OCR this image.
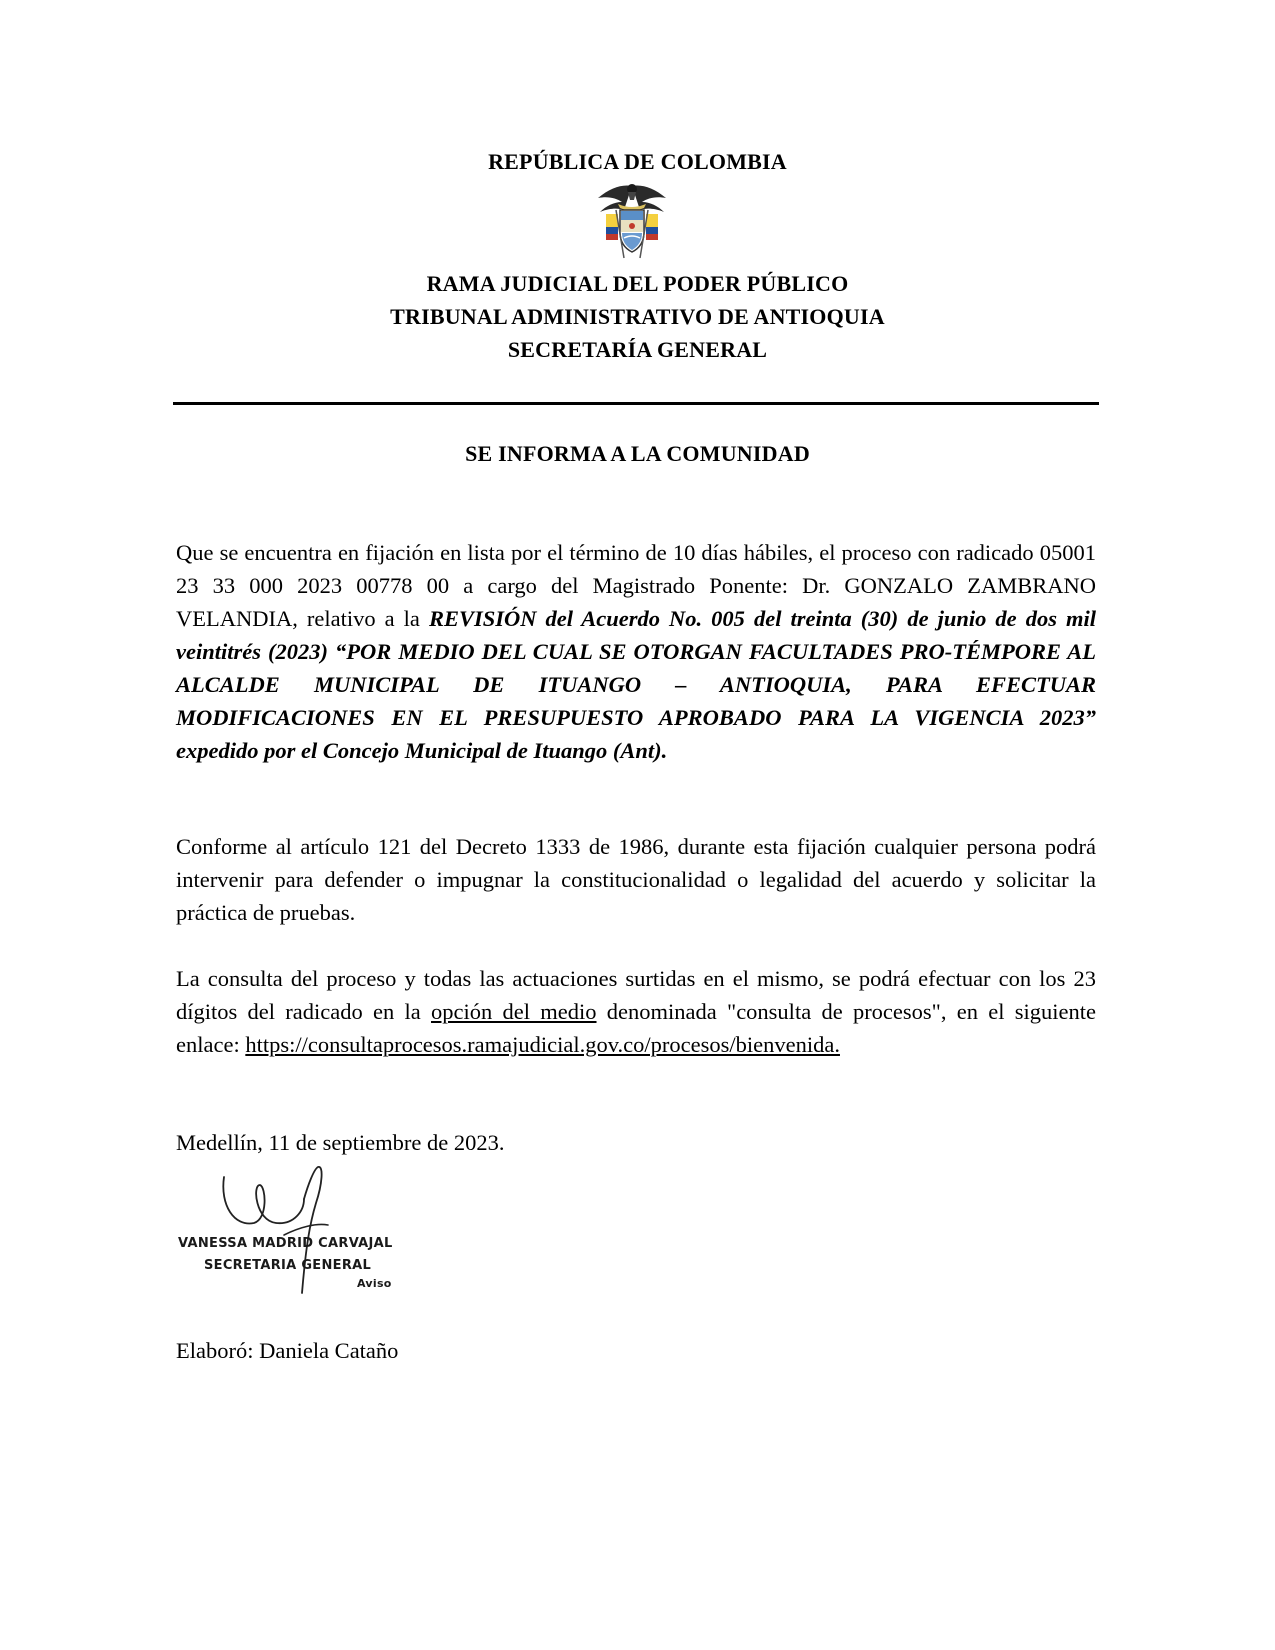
REPÚBLICA DE COLOMBIA
RAMA JUDICIAL DEL PODER PÚBLICO
TRIBUNAL ADMINISTRATIVO DE ANTIOQUIA
SECRETARÍA GENERAL
SE INFORMA A LA COMUNIDAD
Que se encuentra en fijación en lista por el término de 10 días hábiles, el proceso con radicado 05001 23 33 000 2023 00778 00 a cargo del Magistrado Ponente: Dr. GONZALO ZAMBRANO VELANDIA, relativo a la REVISIÓN del Acuerdo No. 005 del treinta (30) de junio de dos mil veintitrés (2023) “POR MEDIO DEL CUAL SE OTORGAN FACULTADES PRO-TÉMPORE AL ALCALDE MUNICIPAL DE ITUANGO – ANTIOQUIA, PARA EFECTUAR MODIFICACIONES EN EL PRESUPUESTO APROBADO PARA LA VIGENCIA 2023” expedido por el Concejo Municipal de Ituango (Ant).
Conforme al artículo 121 del Decreto 1333 de 1986, durante esta fijación cualquier persona podrá intervenir para defender o impugnar la constitucionalidad o legalidad del acuerdo y solicitar la práctica de pruebas.
La consulta del proceso y todas las actuaciones surtidas en el mismo, se podrá efectuar con los 23 dígitos del radicado en la opción del medio denominada "consulta de procesos", en el siguiente enlace: https://consultaprocesos.ramajudicial.gov.co/procesos/bienvenida.
Medellín, 11 de septiembre de 2023.
VANESSA MADRID CARVAJAL
SECRETARIA GENERAL
Aviso
Elaboró: Daniela Cataño
